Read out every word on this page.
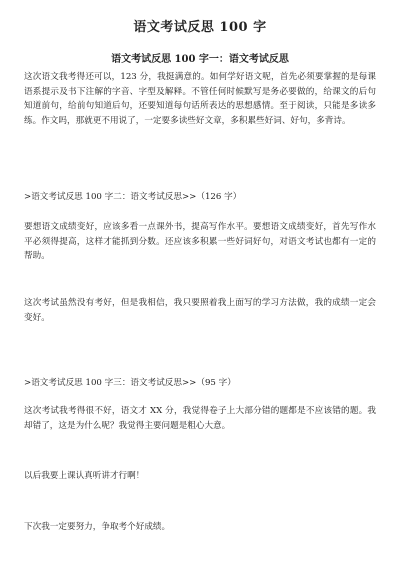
语文考试反思 100 字
语文考试反思 100 字一：语文考试反思
这次语文我考得还可以，123 分，我挺满意的。如何学好语文呢，首先必须要掌握的是每课语系提示及书下注解的字音、字型及解释。不管任何时候默写是务必要做的，给课文的后句知道前句，给前句知道后句，还要知道每句话所表达的思想感情。至于阅读，只能是多读多练。作文吗，那就更不用说了，一定要多读些好文章，多积累些好词、好句，多背诗。
>语文考试反思 100 字二：语文考试反思>>（126 字）
要想语文成绩变好，应该多看一点课外书，提高写作水平。要想语文成绩变好，首先写作水平必须得提高，这样才能抓到分数。还应该多积累一些好词好句，对语文考试也都有一定的帮助。
这次考试虽然没有考好，但是我相信，我只要照着我上面写的学习方法做，我的成绩一定会变好。
>语文考试反思 100 字三：语文考试反思>>（95 字）
这次考试我考得很不好，语文才 XX 分，我觉得卷子上大部分错的题都是不应该错的题。我却错了，这是为什么呢？我觉得主要问题是粗心大意。
以后我要上课认真听讲才行啊！
下次我一定要努力，争取考个好成绩。
